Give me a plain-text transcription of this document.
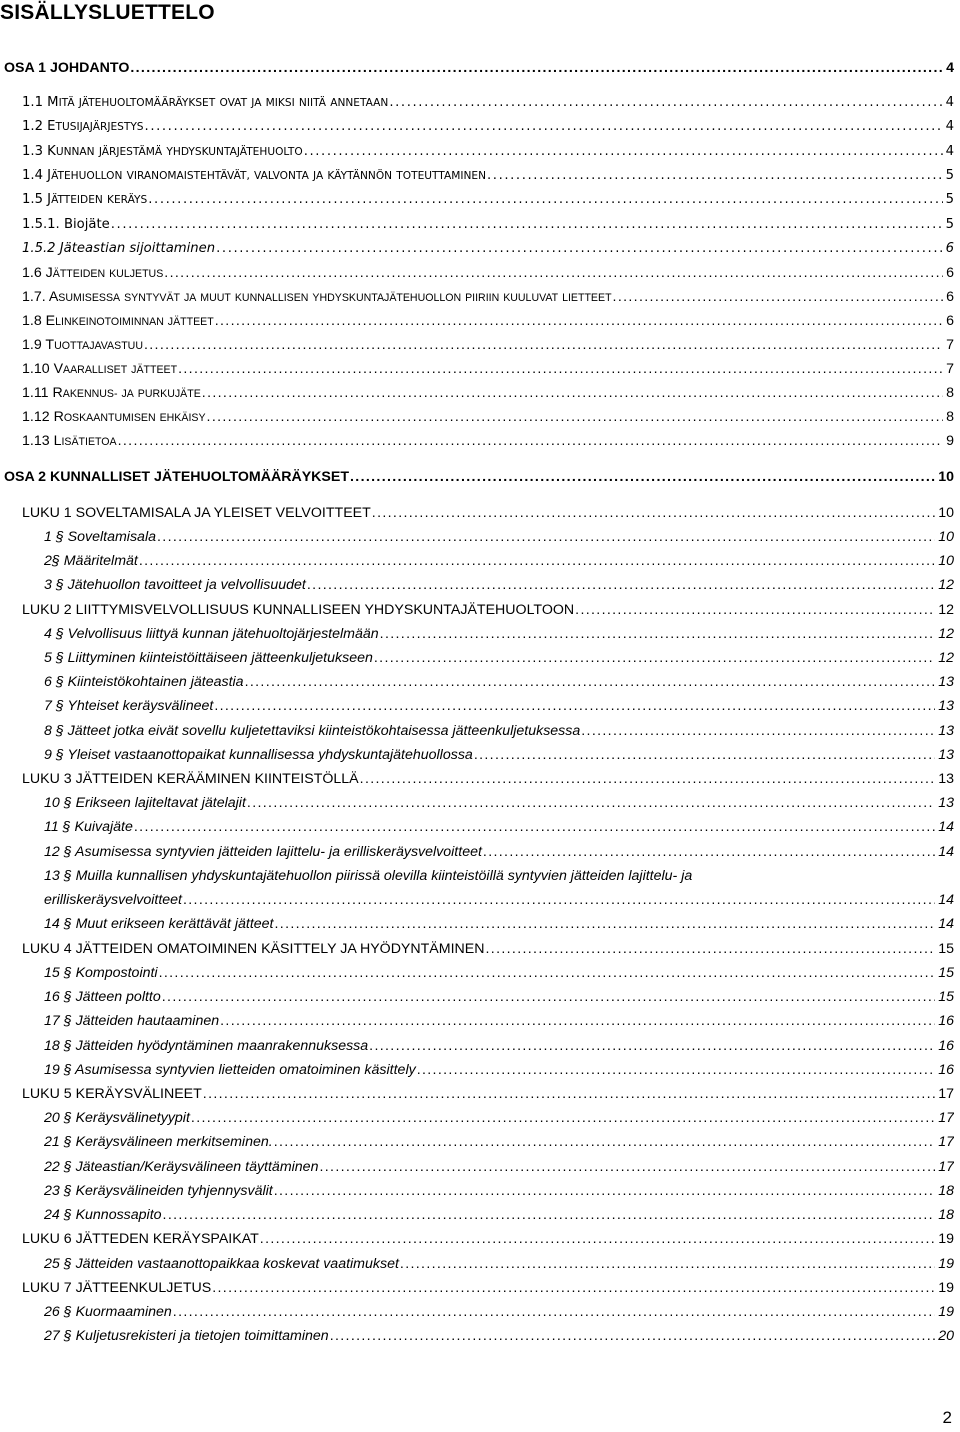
SISÄLLYSLUETTELO
OSA 1 JOHDANTO . . .	4
1.1 MITÄ JÄTEHUOLTOMÄÄRÄYKSET OVAT JA MIKSI NIITÄ ANNETAAN . . .	4
1.2 ETUSIJAJÄRJESTYS . . .	4
1.3 KUNNAN JÄRJESTÄMÄ YHDYSKUNTAJÄTEHUOLTO . . .	4
1.4 JÄTEHUOLLON VIRANOMAISTEHTÄVÄT, VALVONTA JA KÄYTÄNNÖN TOTEUTTAMINEN . . .	5
1.5 JÄTTEIDEN KERÄYS . . .	5
1.5.1. Biojäte . . .	5
1.5.2 Jäteastian sijoittaminen . . .	6
1.6 JÄTTEIDEN KULJETUS . . .	6
1.7. ASUMISESSA SYNTYVÄT JA MUUT KUNNALLISEN YHDYSKUNTAJÄTEHUOLLON PIIRIIN KUULUVAT LIETTEET . . .	6
1.8 ELINKEINOTOIMINNAN JÄTTEET . . .	6
1.9 TUOTTAJAVASTUU . . .	7
1.10 VAARALLISET JÄTTEET . . .	7
1.11 RAKENNUS- JA PURKUJÄTE . . .	8
1.12 ROSKAANTUMISEN EHKÄISY . . .	8
1.13 LISÄTIETOA . . .	9
OSA 2 KUNNALLISET JÄTEHUOLTOMÄÄRÄYKSET . . .	10
LUKU 1 SOVELTAMISALA JA YLEISET VELVOITTEET . . .	10
1 § Soveltamisala . . .	10
2§ Määritelmät . . .	10
3 § Jätehuollon tavoitteet ja velvollisuudet . . .	12
LUKU 2 LIITTYMISVELVOLLISUUS KUNNALLISEEN YHDYSKUNTAJÄTEHUOLTOON . . .	12
4 § Velvollisuus liittyä kunnan jätehuoltojärjestelmään . . .	12
5 § Liittyminen kiinteistöittäiseen jätteenkuljetukseen . . .	12
6 § Kiinteistökohtainen jäteastia . . .	13
7 § Yhteiset keräysvälineet . . .	13
8 § Jätteet jotka eivät sovellu kuljetettaviksi kiinteistökohtaisessa jätteenkuljetuksessa . . .	13
9 § Yleiset vastaanottopaikat kunnallisessa yhdyskuntajätehuollossa . . .	13
LUKU 3 JÄTTEIDEN KERÄÄMINEN KIINTEISTÖLLÄ . . .	13
10 § Erikseen lajiteltavat jätelajit . . .	13
11 § Kuivajäte . . .	14
12 § Asumisessa syntyvien jätteiden lajittelu- ja erilliskeräysvelvoitteet . . .	14
13 § Muilla kunnallisen yhdyskuntajätehuollon piirissä olevilla kiinteistöillä syntyvien jätteiden lajittelu- ja
erilliskeräysvelvoitteet . . .	14
14 § Muut erikseen kerättävät jätteet . . .	14
LUKU 4 JÄTTEIDEN OMATOIMINEN KÄSITTELY JA HYÖDYNTÄMINEN . . .	15
15 § Kompostointi . . .	15
16 § Jätteen poltto . . .	15
17 § Jätteiden hautaaminen . . .	16
18 § Jätteiden hyödyntäminen maanrakennuksessa . . .	16
19 § Asumisessa syntyvien lietteiden omatoiminen käsittely . . .	16
LUKU 5 KERÄYSVÄLINEET . . .	17
20 § Keräysvälinetyypit . . .	17
21 § Keräysvälineen merkitseminen. . . .	17
22 § Jäteastian/Keräysvälineen täyttäminen . . .	17
23 § Keräysvälineiden tyhjennysvälit . . .	18
24 § Kunnossapito . . .	18
LUKU 6 JÄTTEDEN KERÄYSPAIKAT . . .	19
25 § Jätteiden vastaanottopaikkaa koskevat vaatimukset . . .	19
LUKU 7 JÄTTEENKULJETUS . . .	19
26 § Kuormaaminen . . .	19
27 § Kuljetusrekisteri ja tietojen toimittaminen . . .	20
2
